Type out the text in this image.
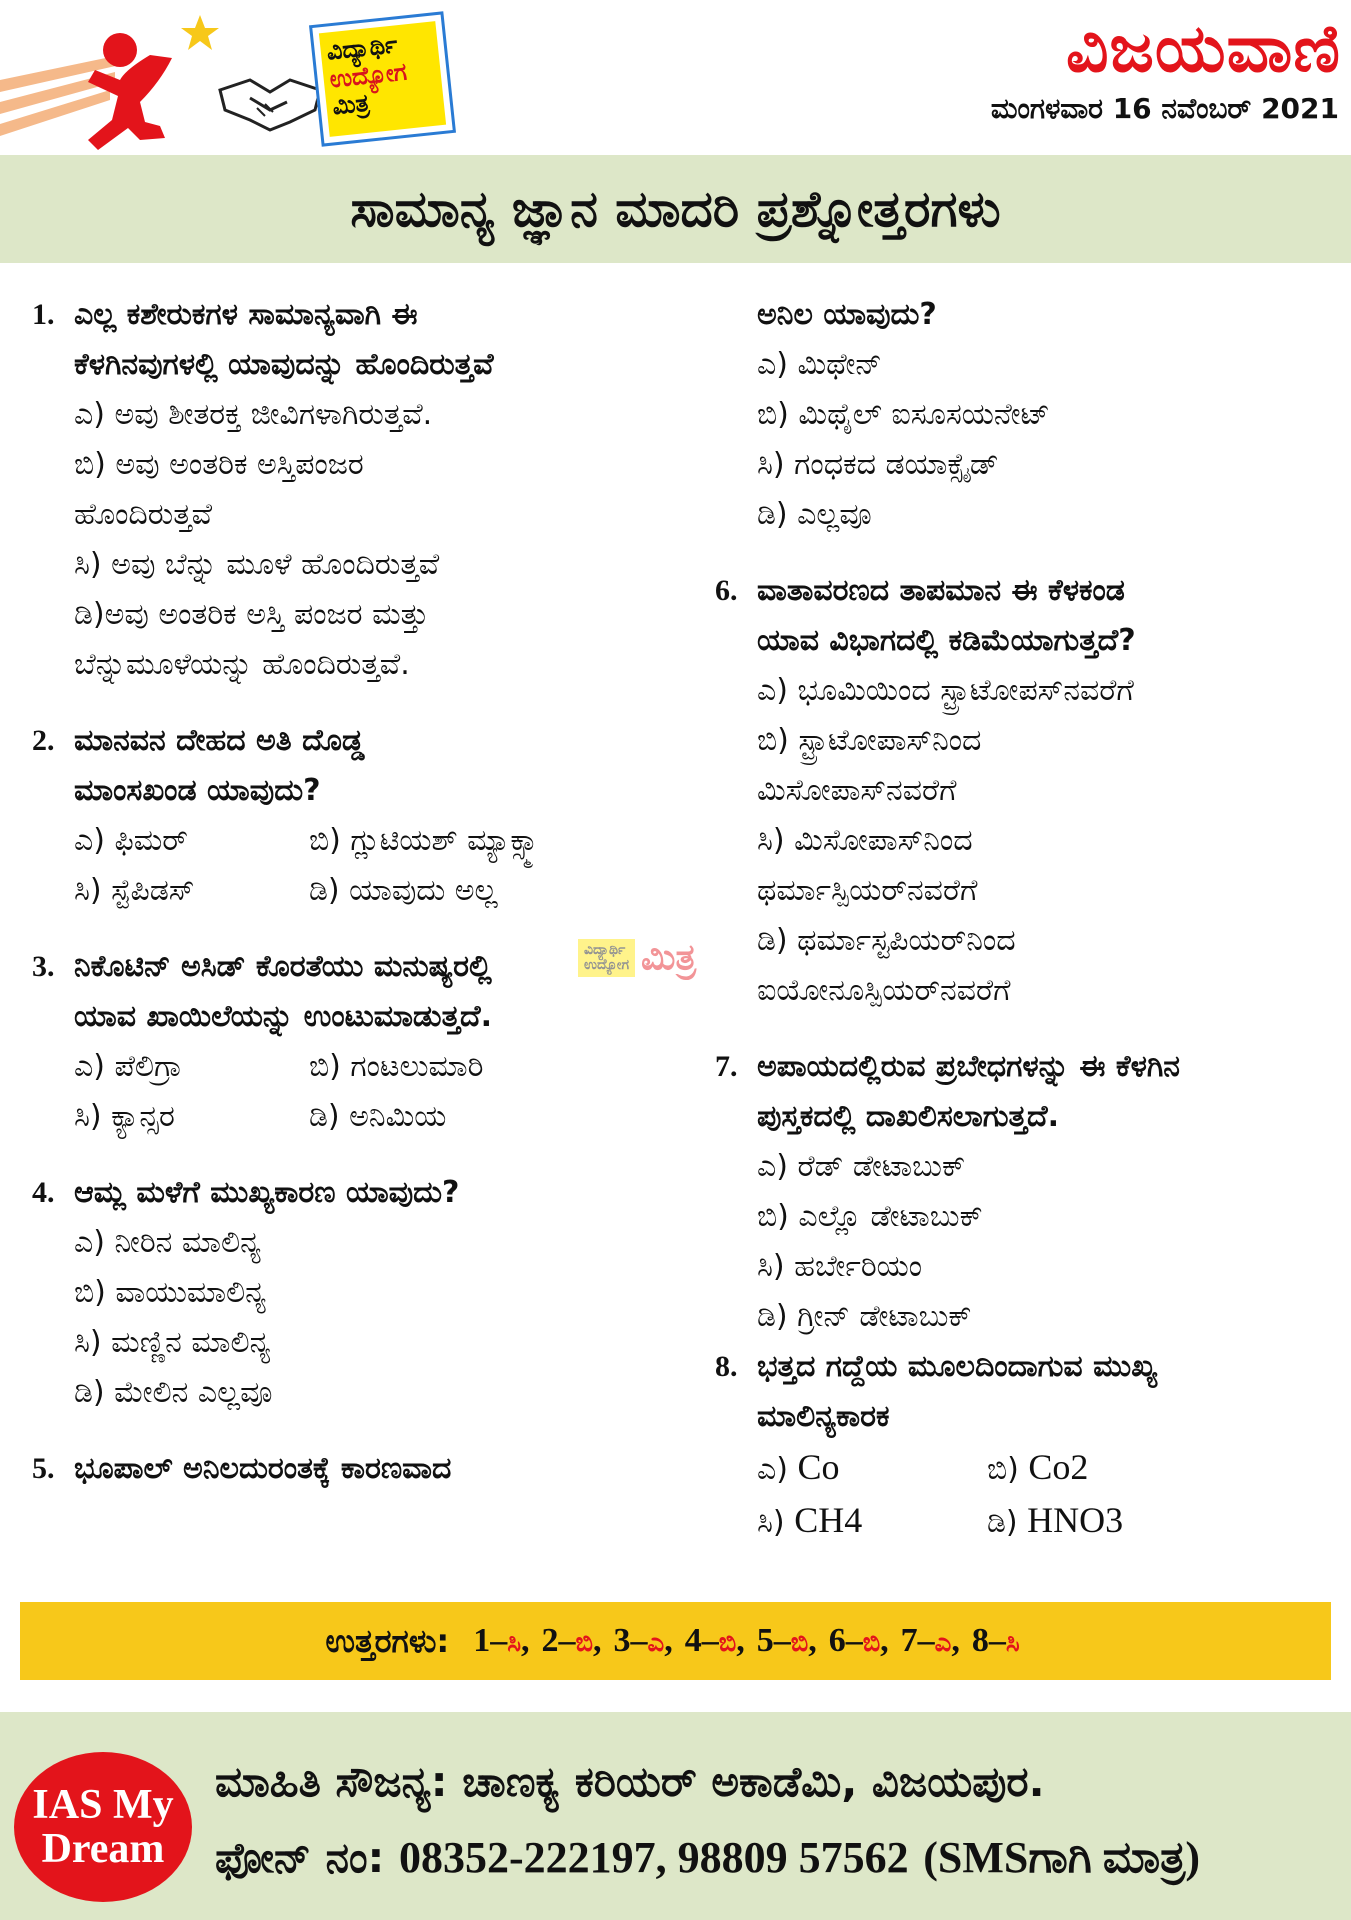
ವಿದ್ಯಾರ್ಥಿ
ಉದ್ಯೋಗ
ಮಿತ್ರ
ವಿಜಯವಾಣಿ
ಮಂಗಳವಾರ 16 ನವೆಂಬರ್ 2021
ಸಾಮಾನ್ಯ ಜ್ಞಾನ ಮಾದರಿ ಪ್ರಶ್ನೋತ್ತರಗಳು
1. ಎಲ್ಲ ಕಶೇರುಕಗಳ ಸಾಮಾನ್ಯವಾಗಿ ಈ
ಕೆಳಗಿನವುಗಳಲ್ಲಿ ಯಾವುದನ್ನು ಹೊಂದಿರುತ್ತವೆ
ಎ) ಅವು ಶೀತರಕ್ತ ಜೀವಿಗಳಾಗಿರುತ್ತವೆ.
ಬಿ) ಅವು ಅಂತರಿಕ ಅಸ್ತಿಪಂಜರ
ಹೊಂದಿರುತ್ತವೆ
ಸಿ) ಅವು ಬೆನ್ನು ಮೂಳೆ ಹೊಂದಿರುತ್ತವೆ
ಡಿ)ಅವು ಅಂತರಿಕ ಅಸ್ತಿ ಪಂಜರ ಮತ್ತು
ಬೆನ್ನುಮೂಳೆಯನ್ನು ಹೊಂದಿರುತ್ತವೆ.
2. ಮಾನವನ ದೇಹದ ಅತಿ ದೊಡ್ಡ
ಮಾಂಸಖಂಡ ಯಾವುದು?
ಎ) ಫಿಮರ್	ಬಿ) ಗ್ಲುಟಿಯಶ್ ಮ್ಯಾಕ್ಸ್ಮಾ
ಸಿ) ಸ್ಟೆಪಿಡಸ್	ಡಿ) ಯಾವುದು ಅಲ್ಲ
3. ನಿಕೊಟಿನ್ ಅಸಿಡ್ ಕೊರತೆಯು ಮನುಷ್ಯರಲ್ಲಿ
ಯಾವ ಖಾಯಿಲೆಯನ್ನು ಉಂಟುಮಾಡುತ್ತದೆ.
ಎ) ಪೆಲಿಗ್ರಾ	ಬಿ) ಗಂಟಲುಮಾರಿ
ಸಿ) ಕ್ಯಾನ್ಸರ	ಡಿ) ಅನಿಮಿಯ
4. ಆಮ್ಲ ಮಳೆಗೆ ಮುಖ್ಯಕಾರಣ ಯಾವುದು?
ಎ) ನೀರಿನ ಮಾಲಿನ್ಯ
ಬಿ) ವಾಯುಮಾಲಿನ್ಯ
ಸಿ) ಮಣ್ಣಿನ ಮಾಲಿನ್ಯ
ಡಿ) ಮೇಲಿನ ಎಲ್ಲವೂ
5. ಭೂಪಾಲ್ ಅನಿಲದುರಂತಕ್ಕೆ ಕಾರಣವಾದ
ಅನಿಲ ಯಾವುದು?
ಎ) ಮಿಥೇನ್
ಬಿ) ಮಿಥೈಲ್ ಐಸೂಸಯನೇಟ್
ಸಿ) ಗಂಧಕದ ಡಯಾಕ್ಸೈಡ್
ಡಿ) ಎಲ್ಲವೂ
6. ವಾತಾವರಣದ ತಾಪಮಾನ ಈ ಕೆಳಕಂಡ
ಯಾವ ವಿಭಾಗದಲ್ಲಿ ಕಡಿಮೆಯಾಗುತ್ತದೆ?
ಎ) ಭೂಮಿಯಿಂದ ಸ್ಟ್ರಾಟೋಪಸ್‌ನವರೆಗೆ
ಬಿ) ಸ್ಟ್ರಾಟೋಪಾಸ್‌ನಿಂದ
ಮಿಸೋಪಾಸ್‌ನವರೆಗೆ
ಸಿ) ಮಿಸೋಪಾಸ್‌ನಿಂದ
ಥರ್ಮಾಸ್ಪಿಯರ್‌ನವರೆಗೆ
ಡಿ) ಥರ್ಮಾಸ್ಟಪಿಯರ್‌ನಿಂದ
ಐಯೋನೂಸ್ಪಿಯರ್‌ನವರೆಗೆ
7. ಅಪಾಯದಲ್ಲಿರುವ ಪ್ರಬೇಧಗಳನ್ನು ಈ ಕೆಳಗಿನ
ಪುಸ್ತಕದಲ್ಲಿ ದಾಖಲಿಸಲಾಗುತ್ತದೆ.
ಎ) ರೆಡ್ ಡೇಟಾಬುಕ್
ಬಿ) ಎಲ್ಲೊ ಡೇಟಾಬುಕ್
ಸಿ) ಹರ್ಬೇರಿಯಂ
ಡಿ) ಗ್ರೀನ್ ಡೇಟಾಬುಕ್
8. ಭತ್ತದ ಗದ್ದೆಯ ಮೂಲದಿಂದಾಗುವ ಮುಖ್ಯ
ಮಾಲಿನ್ಯಕಾರಕ
ಎ) Co	ಬಿ) Co2
ಸಿ) CH4	ಡಿ) HNO3
ವಿದ್ಯಾರ್ಥಿ
ಉದ್ಯೋಗ ಮಿತ್ರ
ಉತ್ತರಗಳು: 1–ಸಿ, 2–ಬಿ, 3–ಎ, 4–ಬಿ, 5–ಬಿ, 6–ಬಿ, 7–ಎ, 8–ಸಿ
IAS My
Dream
ಮಾಹಿತಿ ಸೌಜನ್ಯ: ಚಾಣಕ್ಯ ಕರಿಯರ್ ಅಕಾಡೆಮಿ, ವಿಜಯಪುರ.
ಫೋನ್ ನಂ: 08352-222197, 98809 57562 (SMSಗಾಗಿ ಮಾತ್ರ)
